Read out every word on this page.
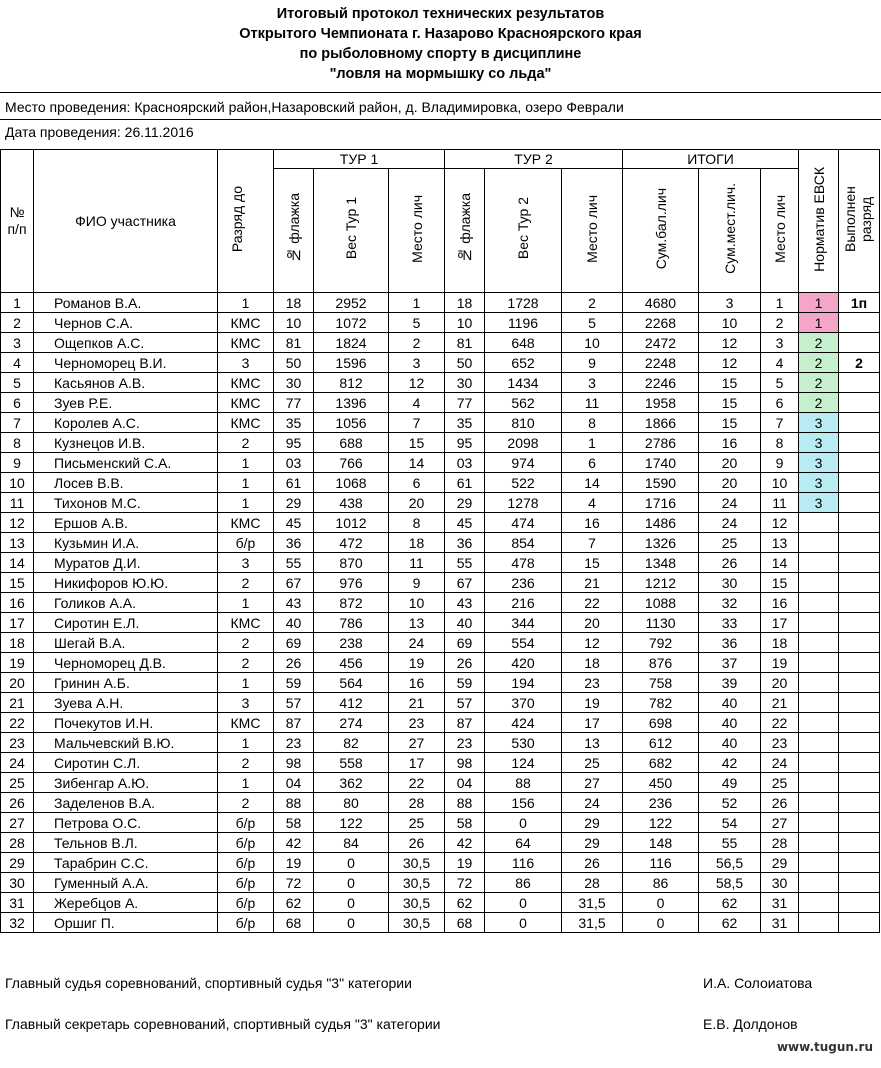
Итоговый протокол технических результатов
Открытого Чемпионата г. Назарово Красноярского края
по рыболовному спорту в дисциплине
"ловля на мормышку со льда"
Место проведения: Красноярский район,Назаровский район, д. Владимировка, озеро Феврали
Дата проведения: 26.11.2016
№ п/п	ФИО участника	Разряд до	ТУР 1			ТУР 2			ИТОГИ			Норматив ЕВСК	Выполнен разряд
			№ флажка	Вес Тур 1	Место лич	№ флажка	Вес Тур 2	Место лич	Сум.бал.лич	Сум.мест.лич.	Место лич		
1	Романов В.А.	1	18	2952	1	18	1728	2	4680	3	1	1	1п
2	Чернов С.А.	КМС	10	1072	5	10	1196	5	2268	10	2	1	
3	Ощепков А.С.	КМС	81	1824	2	81	648	10	2472	12	3	2	
4	Черноморец В.И.	3	50	1596	3	50	652	9	2248	12	4	2	2
5	Касьянов А.В.	КМС	30	812	12	30	1434	3	2246	15	5	2	
6	Зуев Р.Е.	КМС	77	1396	4	77	562	11	1958	15	6	2	
7	Королев А.С.	КМС	35	1056	7	35	810	8	1866	15	7	3	
8	Кузнецов И.В.	2	95	688	15	95	2098	1	2786	16	8	3	
9	Письменский С.А.	1	03	766	14	03	974	6	1740	20	9	3	
10	Лосев В.В.	1	61	1068	6	61	522	14	1590	20	10	3	
11	Тихонов М.С.	1	29	438	20	29	1278	4	1716	24	11	3	
12	Ершов А.В.	КМС	45	1012	8	45	474	16	1486	24	12		
13	Кузьмин И.А.	б/р	36	472	18	36	854	7	1326	25	13		
14	Муратов Д.И.	3	55	870	11	55	478	15	1348	26	14		
15	Никифоров Ю.Ю.	2	67	976	9	67	236	21	1212	30	15		
16	Голиков А.А.	1	43	872	10	43	216	22	1088	32	16		
17	Сиротин Е.Л.	КМС	40	786	13	40	344	20	1130	33	17		
18	Шегай В.А.	2	69	238	24	69	554	12	792	36	18		
19	Черноморец Д.В.	2	26	456	19	26	420	18	876	37	19		
20	Гринин А.Б.	1	59	564	16	59	194	23	758	39	20		
21	Зуева А.Н.	3	57	412	21	57	370	19	782	40	21		
22	Почекутов И.Н.	КМС	87	274	23	87	424	17	698	40	22		
23	Мальчевский В.Ю.	1	23	82	27	23	530	13	612	40	23		
24	Сиротин С.Л.	2	98	558	17	98	124	25	682	42	24		
25	Зибенгар А.Ю.	1	04	362	22	04	88	27	450	49	25		
26	Заделенов В.А.	2	88	80	28	88	156	24	236	52	26		
27	Петрова О.С.	б/р	58	122	25	58	0	29	122	54	27		
28	Тельнов В.Л.	б/р	42	84	26	42	64	29	148	55	28		
29	Тарабрин С.С.	б/р	19	0	30,5	19	116	26	116	56,5	29		
30	Гуменный А.А.	б/р	72	0	30,5	72	86	28	86	58,5	30		
31	Жеребцов А.	б/р	62	0	30,5	62	0	31,5	0	62	31		
32	Оршиг П.	б/р	68	0	30,5	68	0	31,5	0	62	31		
Главный судья соревнований, спортивный судья "3" категории	И.А. Солоиатова
Главный секретарь соревнований, спортивный судья "3" категории	Е.В. Долдонов
www.tugun.ru
